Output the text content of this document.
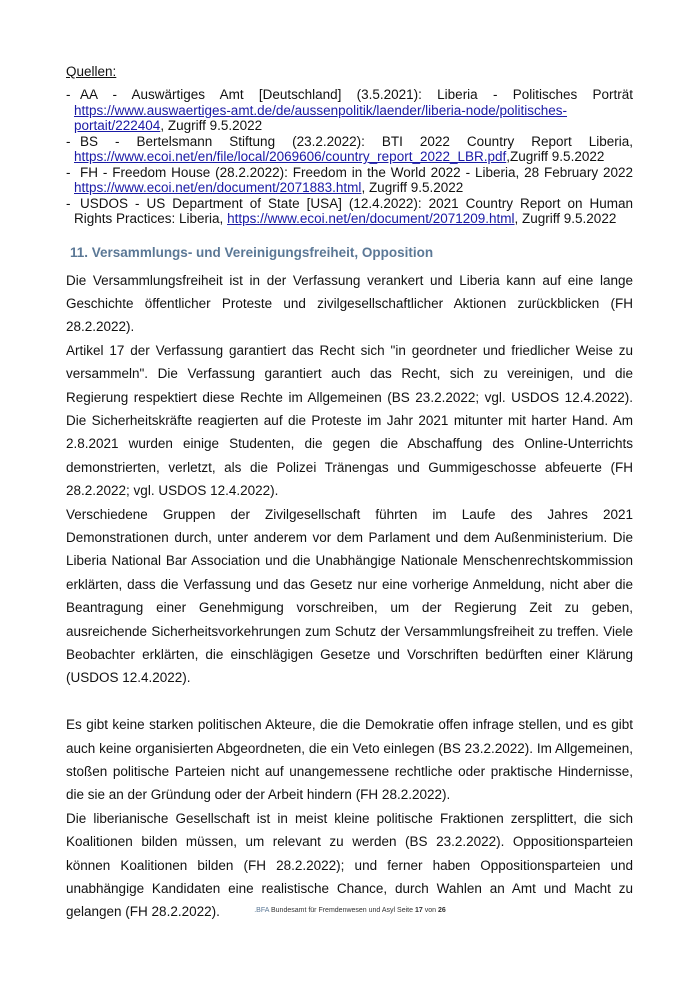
Quellen:
- AA - Auswärtiges Amt [Deutschland] (3.5.2021): Liberia - Politisches Porträt https://www.auswaertiges-amt.de/de/aussenpolitik/laender/liberia-node/politisches-portait/222404, Zugriff 9.5.2022
- BS - Bertelsmann Stiftung (23.2.2022): BTI 2022 Country Report Liberia, https://www.ecoi.net/en/file/local/2069606/country_report_2022_LBR.pdf,Zugriff 9.5.2022
- FH - Freedom House (28.2.2022): Freedom in the World 2022 - Liberia, 28 February 2022 https://www.ecoi.net/en/document/2071883.html, Zugriff 9.5.2022
- USDOS - US Department of State [USA] (12.4.2022): 2021 Country Report on Human Rights Practices: Liberia, https://www.ecoi.net/en/document/2071209.html, Zugriff 9.5.2022
11. Versammlungs- und Vereinigungsfreiheit, Opposition

Die Versammlungsfreiheit ist in der Verfassung verankert und Liberia kann auf eine lange Geschichte öffentlicher Proteste und zivilgesellschaftlicher Aktionen zurückblicken (FH 28.2.2022).

Artikel 17 der Verfassung garantiert das Recht sich "in geordneter und friedlicher Weise zu versammeln". Die Verfassung garantiert auch das Recht, sich zu vereinigen, und die Regierung respektiert diese Rechte im Allgemeinen (BS 23.2.2022; vgl. USDOS 12.4.2022). Die Sicherheitskräfte reagierten auf die Proteste im Jahr 2021 mitunter mit harter Hand. Am 2.8.2021 wurden einige Studenten, die gegen die Abschaffung des Online-Unterrichts demonstrierten, verletzt, als die Polizei Tränengas und Gummigeschosse abfeuerte (FH 28.2.2022; vgl. USDOS 12.4.2022).

Verschiedene Gruppen der Zivilgesellschaft führten im Laufe des Jahres 2021 Demonstrationen durch, unter anderem vor dem Parlament und dem Außenministerium. Die Liberia National Bar Association und die Unabhängige Nationale Menschenrechtskommission erklärten, dass die Verfassung und das Gesetz nur eine vorherige Anmeldung, nicht aber die Beantragung einer Genehmigung vorschreiben, um der Regierung Zeit zu geben, ausreichende Sicherheitsvorkehrungen zum Schutz der Versammlungsfreiheit zu treffen. Viele Beobachter erklärten, die einschlägigen Gesetze und Vorschriften bedürften einer Klärung (USDOS 12.4.2022).

Es gibt keine starken politischen Akteure, die die Demokratie offen infrage stellen, und es gibt auch keine organisierten Abgeordneten, die ein Veto einlegen (BS 23.2.2022). Im Allgemeinen, stoßen politische Parteien nicht auf unangemessene rechtliche oder praktische Hindernisse, die sie an der Gründung oder der Arbeit hindern (FH 28.2.2022).

Die liberianische Gesellschaft ist in meist kleine politische Fraktionen zersplittert, die sich Koalitionen bilden müssen, um relevant zu werden (BS 23.2.2022). Oppositionsparteien können Koalitionen bilden (FH 28.2.2022); und ferner haben Oppositionsparteien und unabhängige Kandidaten eine realistische Chance, durch Wahlen an Amt und Macht zu gelangen (FH 28.2.2022).	.BFA Bundesamt für Fremdenwesen und Asyl Seite 17 von 26
